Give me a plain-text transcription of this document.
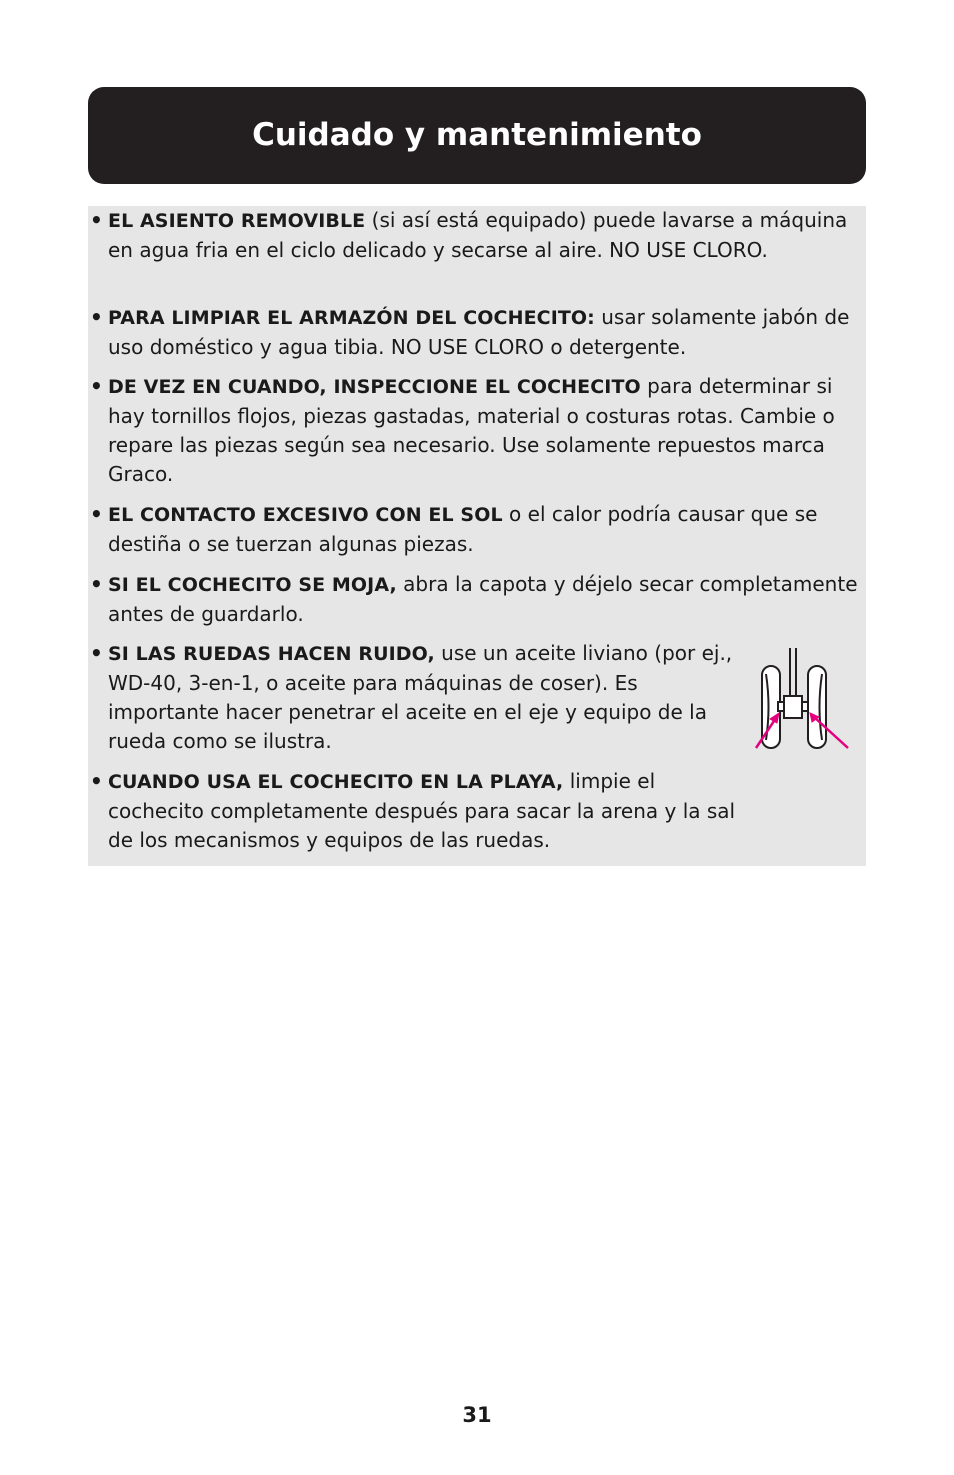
Cuidado y mantenimiento
• EL ASIENTO REMOVIBLE (si así está equipado) puede lavarse a máquina en agua fria en el ciclo delicado y secarse al aire. NO USE CLORO.
• PARA LIMPIAR EL ARMAZÓN DEL COCHECITO: usar solamente jabón de uso doméstico y agua tibia. NO USE CLORO o detergente.
• DE VEZ EN CUANDO, INSPECCIONE EL COCHECITO para determinar si hay tornillos flojos, piezas gastadas, material o costuras rotas. Cambie o repare las piezas según sea necesario. Use solamente repuestos marca Graco.
• EL CONTACTO EXCESIVO CON EL SOL o el calor podría causar que se destiña o se tuerzan algunas piezas.
• SI EL COCHECITO SE MOJA, abra la capota y déjelo secar completamente antes de guardarlo.
• SI LAS RUEDAS HACEN RUIDO, use un aceite liviano (por ej., WD-40, 3-en-1, o aceite para máquinas de coser). Es importante hacer penetrar el aceite en el eje y equipo de la rueda como se ilustra.
• CUANDO USA EL COCHECITO EN LA PLAYA, limpie el cochecito completamente después para sacar la arena y la sal de los mecanismos y equipos de las ruedas.

31
